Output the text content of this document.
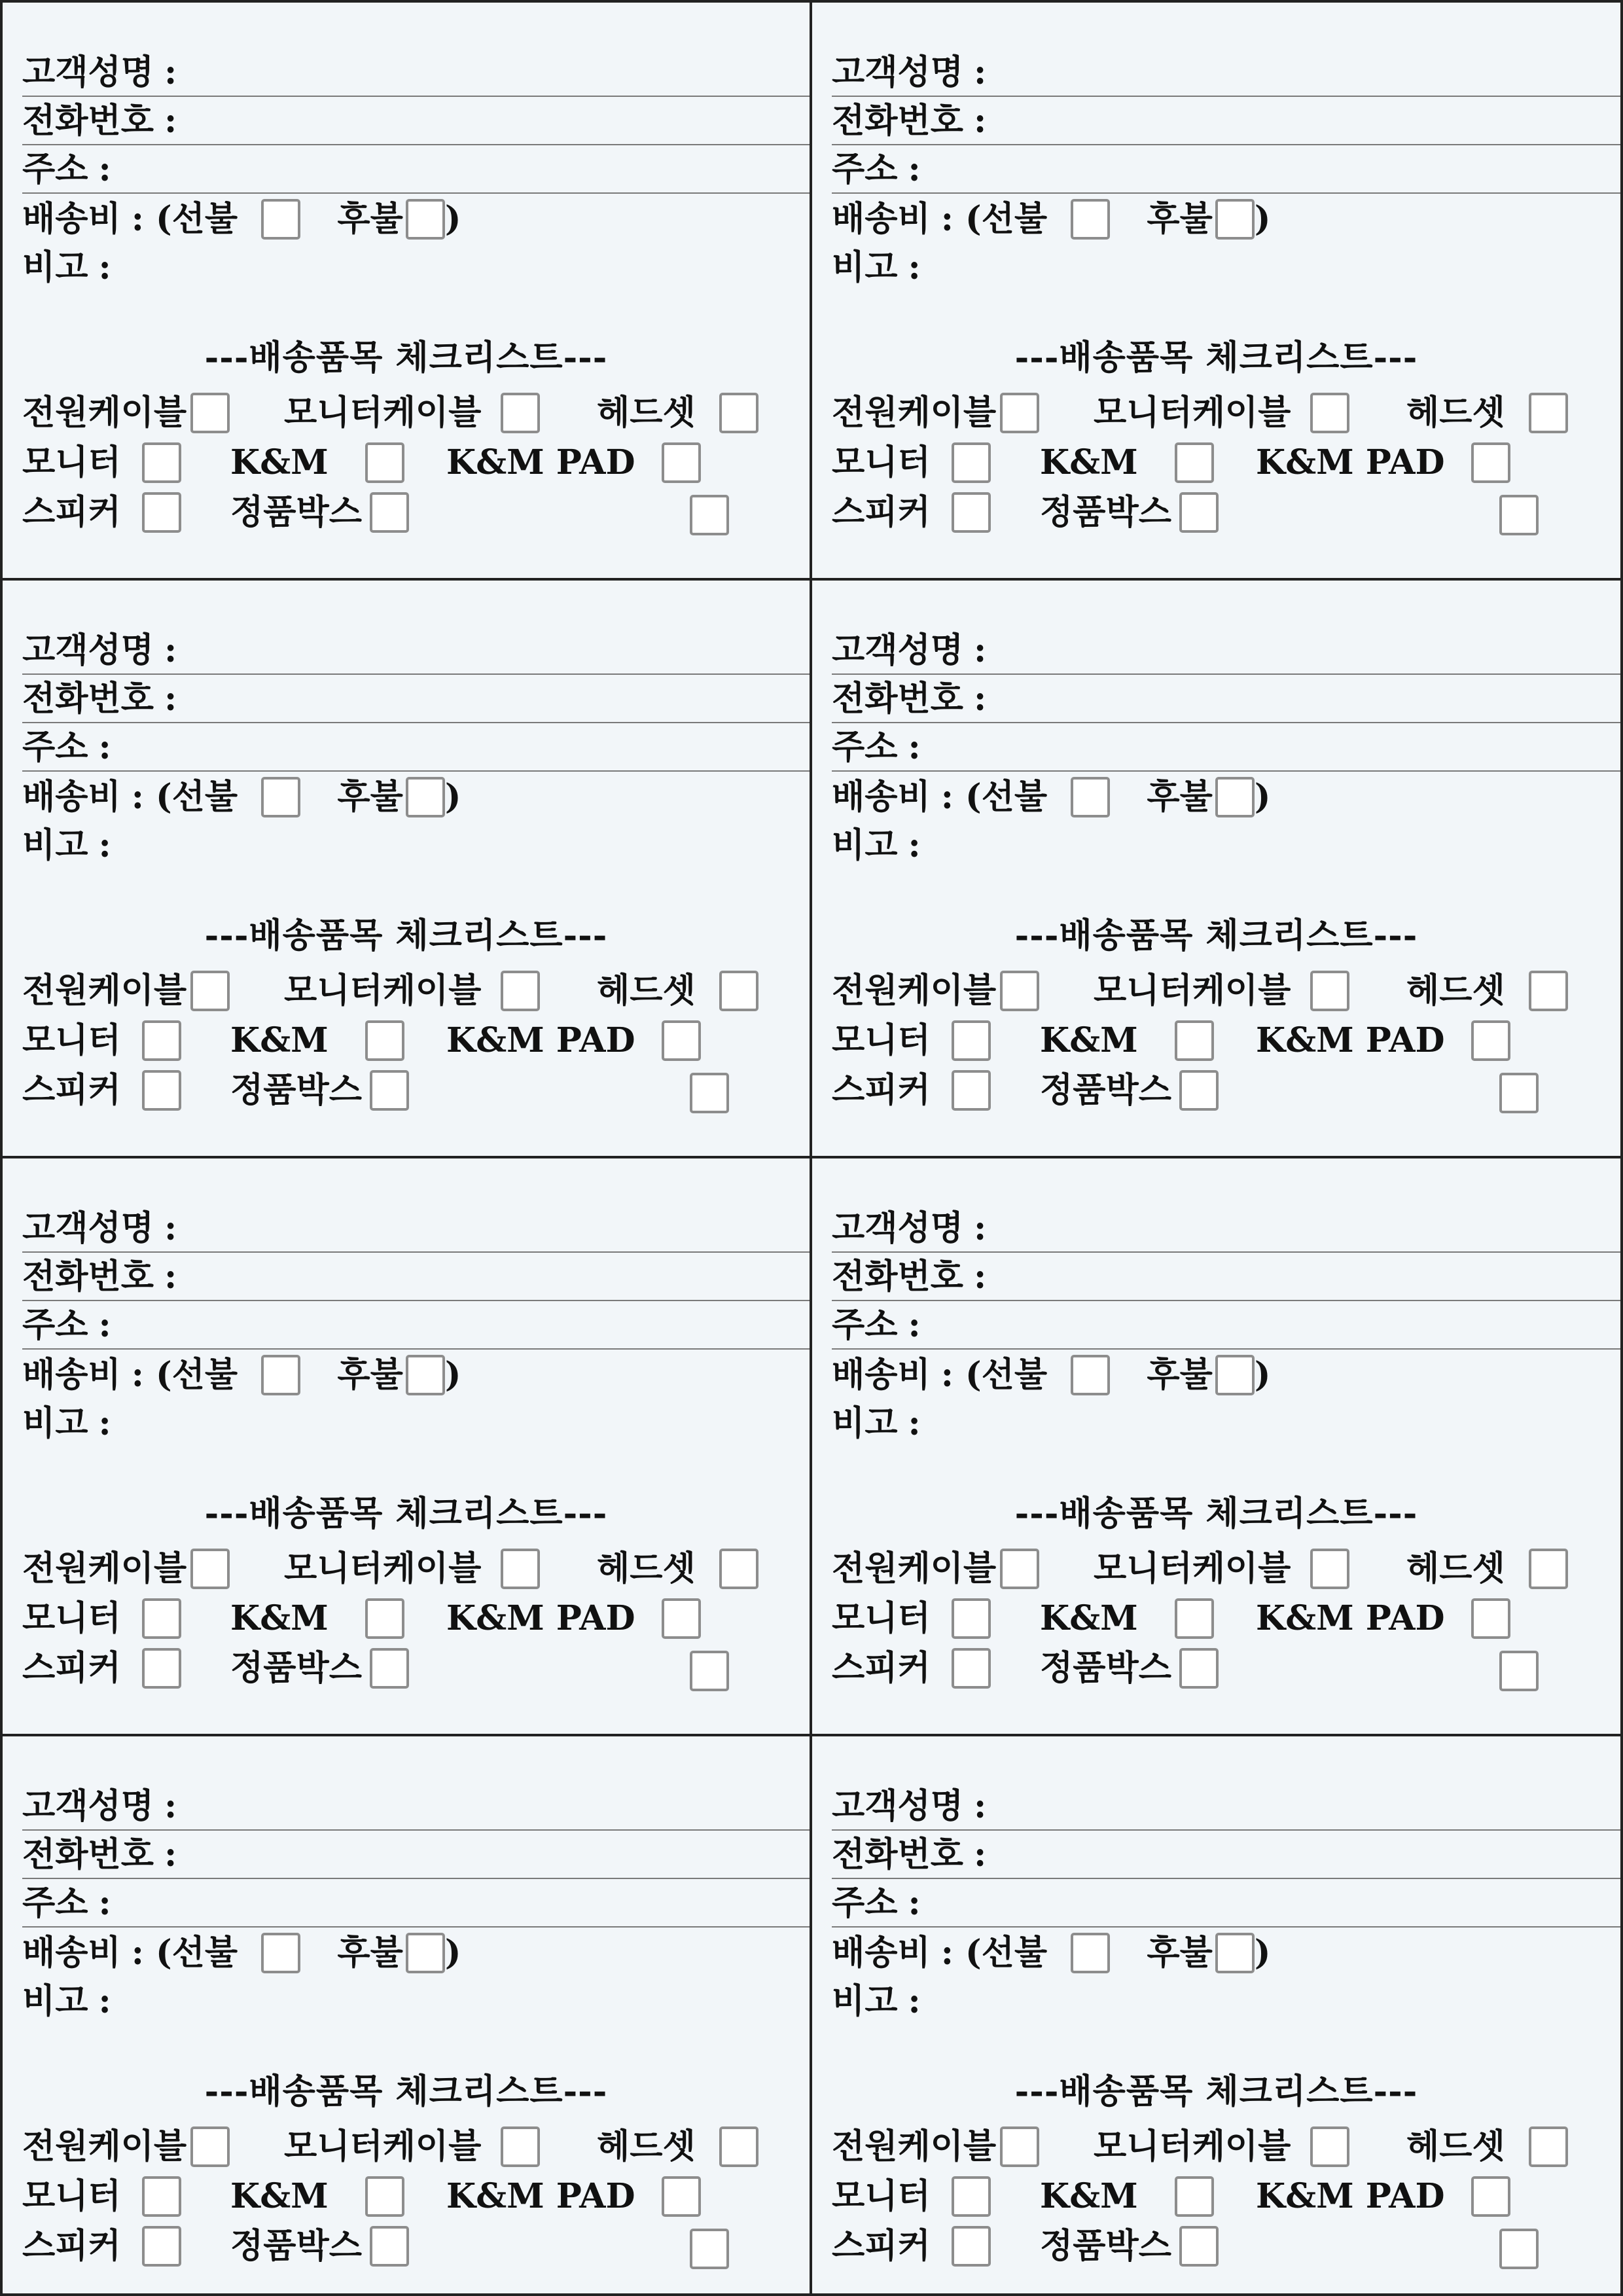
고객성명 :
전화번호 :
주소 :
배송비 : (선불	후불 )
비고 :
---배송품목 체크리스트---
전원케이블	모니터케이블	헤드셋
모니터	K&M	K&M PAD
스피커	정품박스
고객성명 :
전화번호 :
주소 :
배송비 : (선불	후불 )
비고 :
---배송품목 체크리스트---
전원케이블	모니터케이블	헤드셋
모니터	K&M	K&M PAD
스피커	정품박스
고객성명 :
전화번호 :
주소 :
배송비 : (선불	후불 )
비고 :
---배송품목 체크리스트---
전원케이블	모니터케이블	헤드셋
모니터	K&M	K&M PAD
스피커	정품박스
고객성명 :
전화번호 :
주소 :
배송비 : (선불	후불 )
비고 :
---배송품목 체크리스트---
전원케이블	모니터케이블	헤드셋
모니터	K&M	K&M PAD
스피커	정품박스
고객성명 :
전화번호 :
주소 :
배송비 : (선불	후불 )
비고 :
---배송품목 체크리스트---
전원케이블	모니터케이블	헤드셋
모니터	K&M	K&M PAD
스피커	정품박스
고객성명 :
전화번호 :
주소 :
배송비 : (선불	후불 )
비고 :
---배송품목 체크리스트---
전원케이블	모니터케이블	헤드셋
모니터	K&M	K&M PAD
스피커	정품박스
고객성명 :
전화번호 :
주소 :
배송비 : (선불	후불 )
비고 :
---배송품목 체크리스트---
전원케이블	모니터케이블	헤드셋
모니터	K&M	K&M PAD
스피커	정품박스
고객성명 :
전화번호 :
주소 :
배송비 : (선불	후불 )
비고 :
---배송품목 체크리스트---
전원케이블	모니터케이블	헤드셋
모니터	K&M	K&M PAD
스피커	정품박스
